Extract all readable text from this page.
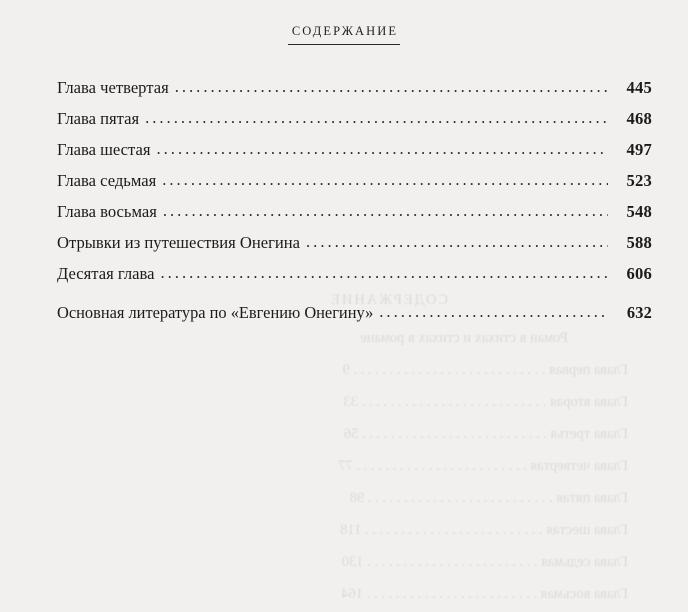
СОДЕРЖАНИЕ
Роман в стихах и стихах в романе
Глава первая . . . . . . . . . . . . . . . . . . . . . . . . . . . 9
Глава вторая . . . . . . . . . . . . . . . . . . . . . . . . . . 33
Глава третья . . . . . . . . . . . . . . . . . . . . . . . . . . 56
Глава четвертая . . . . . . . . . . . . . . . . . . . . . . . . 77
Глава пятая . . . . . . . . . . . . . . . . . . . . . . . . . . 98
Глава шестая . . . . . . . . . . . . . . . . . . . . . . . . . 118
Глава седьмая . . . . . . . . . . . . . . . . . . . . . . . . 130
Глава восьмая . . . . . . . . . . . . . . . . . . . . . . . . 164
СОДЕРЖАНИЕ
Глава четвертая .....	445
Глава пятая .....	468
Глава шестая .....	497
Глава седьмая .....	523
Глава восьмая .....	548
Отрывки из путешествия Онегина .....	588
Десятая глава .....	606
Основная литература по «Евгению Онегину» .....	632
